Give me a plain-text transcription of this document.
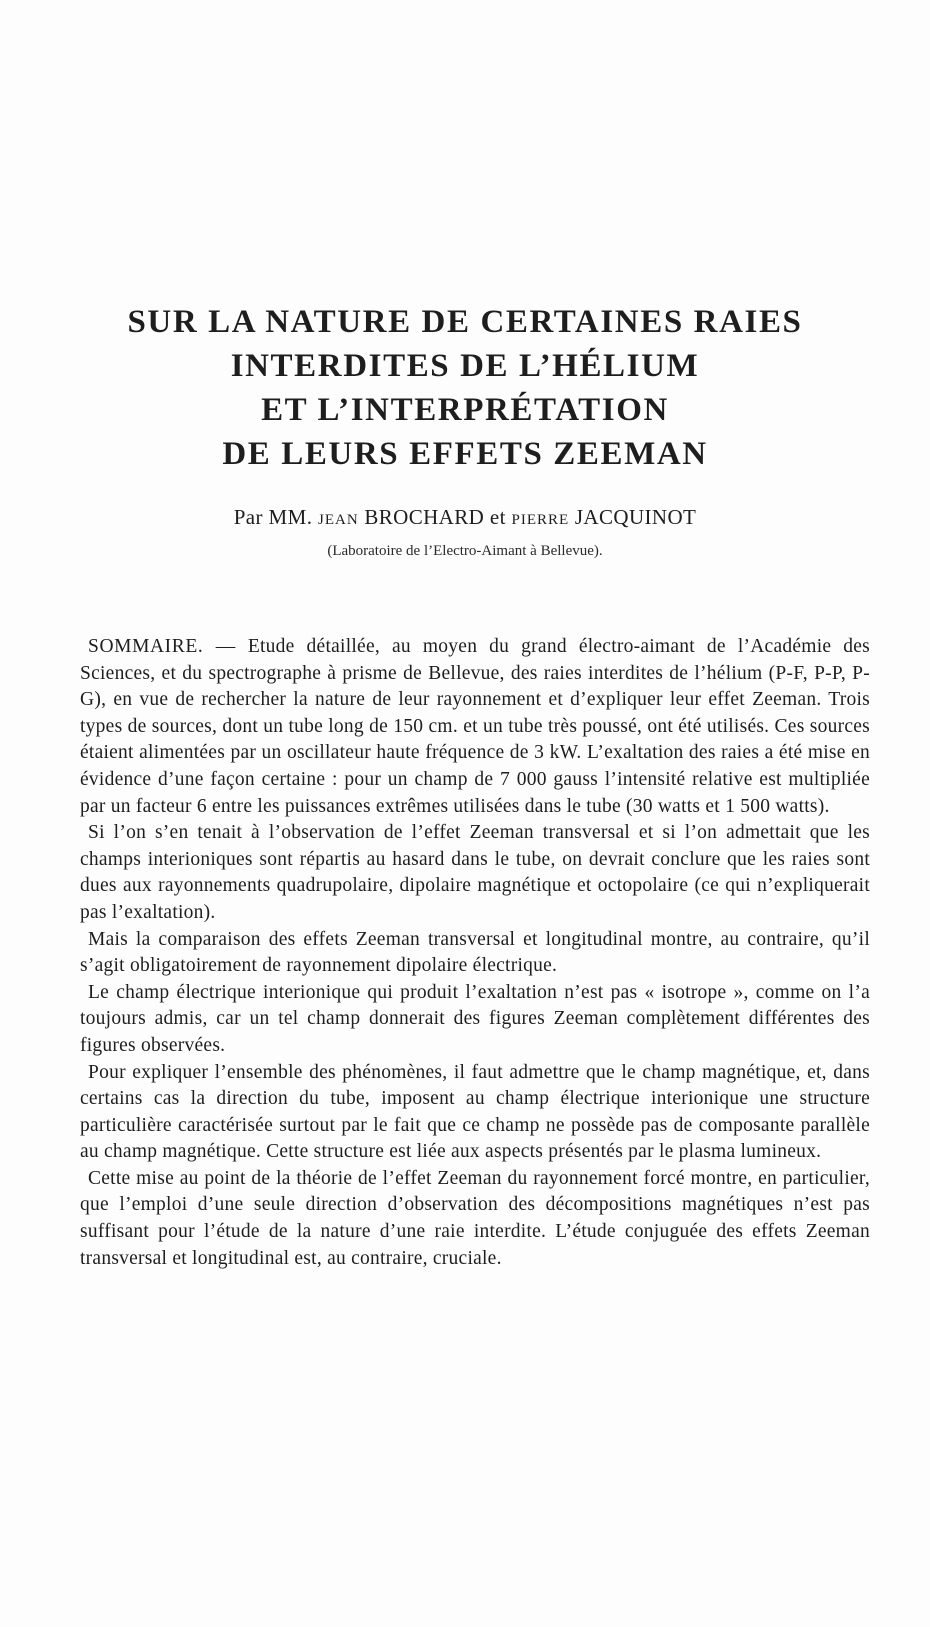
SUR LA NATURE DE CERTAINES RAIES
INTERDITES DE L’HÉLIUM
ET L’INTERPRÉTATION
DE LEURS EFFETS ZEEMAN
Par MM. JEAN BROCHARD et PIERRE JACQUINOT
(Laboratoire de l’Electro-Aimant à Bellevue).

SOMMAIRE. — Etude détaillée, au moyen du grand électro-aimant de l’Académie des Sciences, et du spectrographe à prisme de Bellevue, des raies interdites de l’hélium (P-F, P-P, P-G), en vue de rechercher la nature de leur rayonnement et d’expliquer leur effet Zeeman. Trois types de sources, dont un tube long de 150 cm. et un tube très poussé, ont été utilisés. Ces sources étaient alimentées par un oscillateur haute fréquence de 3 kW. L’exaltation des raies a été mise en évidence d’une façon certaine : pour un champ de 7 000 gauss l’intensité relative est multipliée par un facteur 6 entre les puissances extrêmes utilisées dans le tube (30 watts et 1 500 watts).

Si l’on s’en tenait à l’observation de l’effet Zeeman transversal et si l’on admettait que les champs interioniques sont répartis au hasard dans le tube, on devrait conclure que les raies sont dues aux rayonnements quadrupolaire, dipolaire magnétique et octopolaire (ce qui n’expliquerait pas l’exaltation).

Mais la comparaison des effets Zeeman transversal et longitudinal montre, au contraire, qu’il s’agit obligatoirement de rayonnement dipolaire électrique.

Le champ électrique interionique qui produit l’exaltation n’est pas « isotrope », comme on l’a toujours admis, car un tel champ donnerait des figures Zeeman complètement différentes des figures observées.

Pour expliquer l’ensemble des phénomènes, il faut admettre que le champ magnétique, et, dans certains cas la direction du tube, imposent au champ électrique interionique une structure particulière caractérisée surtout par le fait que ce champ ne possède pas de composante parallèle au champ magnétique. Cette structure est liée aux aspects présentés par le plasma lumineux.

Cette mise au point de la théorie de l’effet Zeeman du rayonnement forcé montre, en particulier, que l’emploi d’une seule direction d’observation des décompositions magnétiques n’est pas suffisant pour l’étude de la nature d’une raie interdite. L’étude conjuguée des effets Zeeman transversal et longitudinal est, au contraire, cruciale.
